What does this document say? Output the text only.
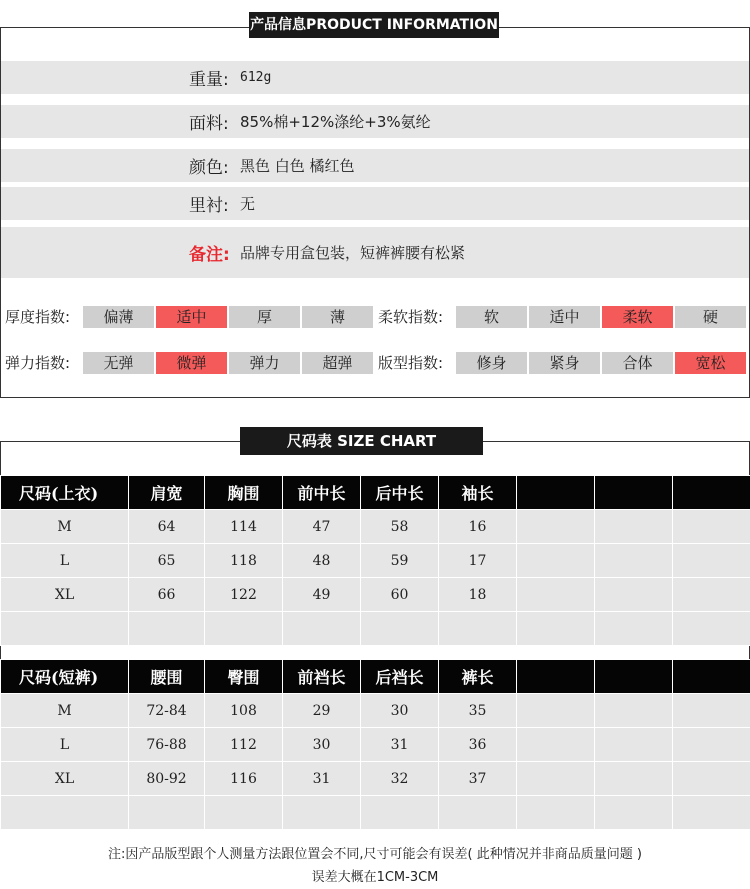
重量: 612g
面料: 85%棉+12%涤纶+3%氨纶
颜色: 黑色 白色 橘红色
里衬: 无
备注: 品牌专用盒包装，短裤裤腰有松紧
厚度指数:	偏薄	适中	厚	薄	柔软指数:	软	适中	柔软	硬
弹力指数:	无弹	微弹	弹力	超弹	版型指数:	修身	紧身	合体	宽松
产品信息PRODUCT INFORMATION
尺码表 SIZE CHART
尺码(上衣)	肩宽	胸围	前中长	后中长	袖长			
M	64	114	47	58	16			
L	65	118	48	59	17			
XL	66	122	49	60	18			

尺码(短裤)	腰围	臀围	前裆长	后裆长	裤长			
M	72-84	108	29	30	35			
L	76-88	112	30	31	36			
XL	80-92	116	31	32	37			

注:因产品版型跟个人测量方法跟位置会不同,尺寸可能会有误差( 此种情况并非商品质量问题 )
误差大概在1CM-3CM
